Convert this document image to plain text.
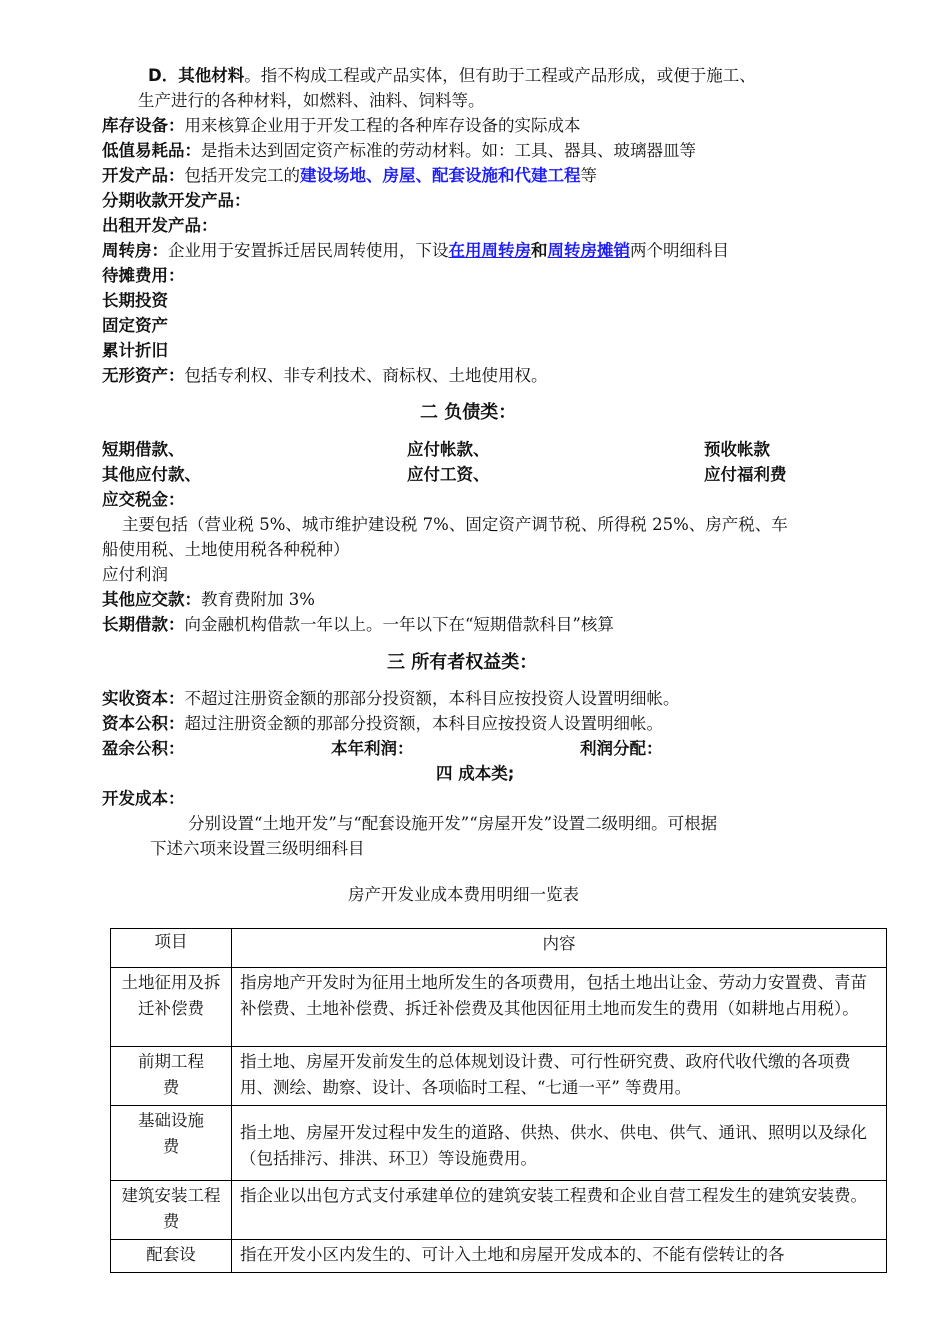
D．其他材料。指不构成工程或产品实体，但有助于工程或产品形成，或便于施工、
生产进行的各种材料，如燃料、油料、饲料等。
库存设备：用来核算企业用于开发工程的各种库存设备的实际成本
低值易耗品：是指未达到固定资产标准的劳动材料。如：工具、器具、玻璃器皿等
开发产品：包括开发完工的建设场地、房屋、配套设施和代建工程等
分期收款开发产品：
出租开发产品：
周转房：企业用于安置拆迁居民周转使用，下设在用周转房和周转房摊销两个明细科目
待摊费用：
长期投资
固定资产
累计折旧
无形资产：包括专利权、非专利技术、商标权、土地使用权。
二 负债类：
短期借款、	应付帐款、	预收帐款
其他应付款、	应付工资、	应付福利费
应交税金：
主要包括（营业税 5%、城市维护建设税 7%、固定资产调节税、所得税 25%、房产税、车
船使用税、土地使用税各种税种）
应付利润
其他应交款：教育费附加 3%
长期借款：向金融机构借款一年以上。一年以下在“短期借款科目”核算
三 所有者权益类：
实收资本：不超过注册资金额的那部分投资额，本科目应按投资人设置明细帐。
资本公积：超过注册资金额的那部分投资额，本科目应按投资人设置明细帐。
盈余公积：	本年利润：	利润分配：
四 成本类;
开发成本：
分别设置“土地开发”与“配套设施开发”“房屋开发”设置二级明细。可根据
下述六项来设置三级明细科目
房产开发业成本费用明细一览表
项目	内容
土地征用及拆迁补偿费	指房地产开发时为征用土地所发生的各项费用，包括土地出让金、劳动力安置费、青苗补偿费、土地补偿费、拆迁补偿费及其他因征用土地而发生的费用（如耕地占用税）。
前期工程　　费	指土地、房屋开发前发生的总体规划设计费、可行性研究费、政府代收代缴的各项费用、测绘、勘察、设计、各项临时工程、“七通一平” 等费用。
基础设施　　费	指土地、房屋开发过程中发生的道路、供热、供水、供电、供气、通讯、照明以及绿化（包括排污、排洪、环卫）等设施费用。
建筑安装工程费	指企业以出包方式支付承建单位的建筑安装工程费和企业自营工程发生的建筑安装费。
配套设	指在开发小区内发生的、可计入土地和房屋开发成本的、不能有偿转让的各
